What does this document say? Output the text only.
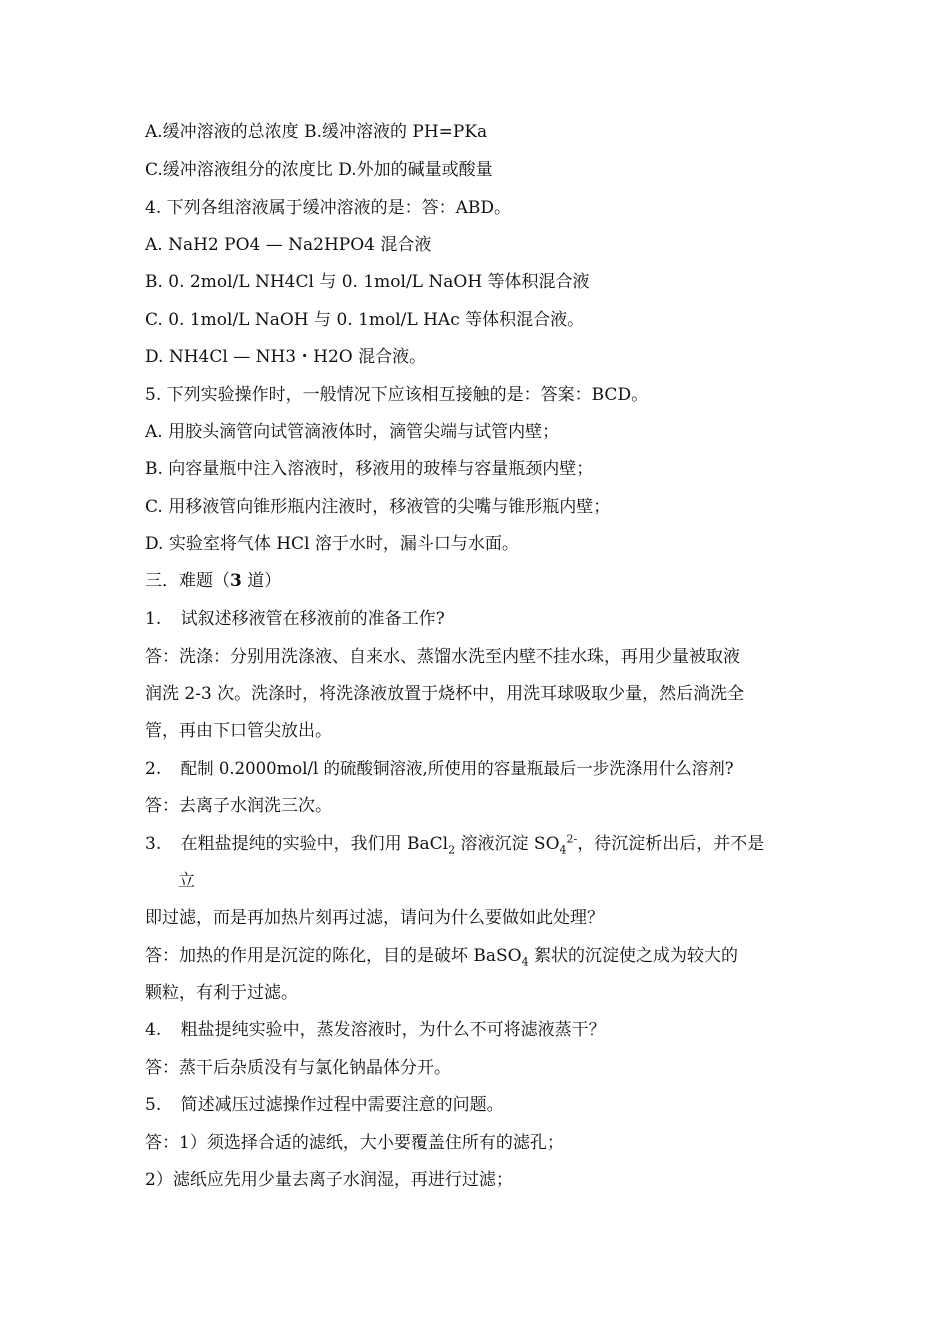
A.缓冲溶液的总浓度 B.缓冲溶液的 PH=PKa
C.缓冲溶液组分的浓度比 D.外加的碱量或酸量
4. 下列各组溶液属于缓冲溶液的是：答：ABD。
A. NaH2 PO4 — Na2HPO4 混合液
B. 0. 2mol/L NH4Cl 与 0. 1mol/L NaOH 等体积混合液
C. 0. 1mol/L NaOH 与 0. 1mol/L HAc 等体积混合液。
D. NH4Cl — NH3・H2O 混合液。
5. 下列实验操作时，一般情况下应该相互接触的是：答案：BCD。
A. 用胶头滴管向试管滴液体时，滴管尖端与试管内壁；
B. 向容量瓶中注入溶液时，移液用的玻棒与容量瓶颈内壁；
C. 用移液管向锥形瓶内注液时，移液管的尖嘴与锥形瓶内壁；
D. 实验室将气体 HCl 溶于水时，漏斗口与水面。
三．难题（3 道）
1. 试叙述移液管在移液前的准备工作?
答：洗涤：分别用洗涤液、自来水、蒸馏水洗至内壁不挂水珠，再用少量被取液
润洗 2-3 次。洗涤时，将洗涤液放置于烧杯中，用洗耳球吸取少量，然后淌洗全
管，再由下口管尖放出。
2. 配制 0.2000mol/l 的硫酸铜溶液,所使用的容量瓶最后一步洗涤用什么溶剂?
答：去离子水润洗三次。
3. 在粗盐提纯的实验中，我们用 BaCl$_2$ 溶液沉淀 $SO_4^{2-}$，待沉淀析出后，并不是
立
即过滤，而是再加热片刻再过滤，请问为什么要做如此处理？
答：加热的作用是沉淀的陈化，目的是破坏 BaSO$_4$ 絮状的沉淀使之成为较大的
颗粒，有利于过滤。
4. 粗盐提纯实验中，蒸发溶液时，为什么不可将滤液蒸干？
答：蒸干后杂质没有与氯化钠晶体分开。
5. 简述减压过滤操作过程中需要注意的问题。
答：1）须选择合适的滤纸，大小要覆盖住所有的滤孔；
2）滤纸应先用少量去离子水润湿，再进行过滤；
